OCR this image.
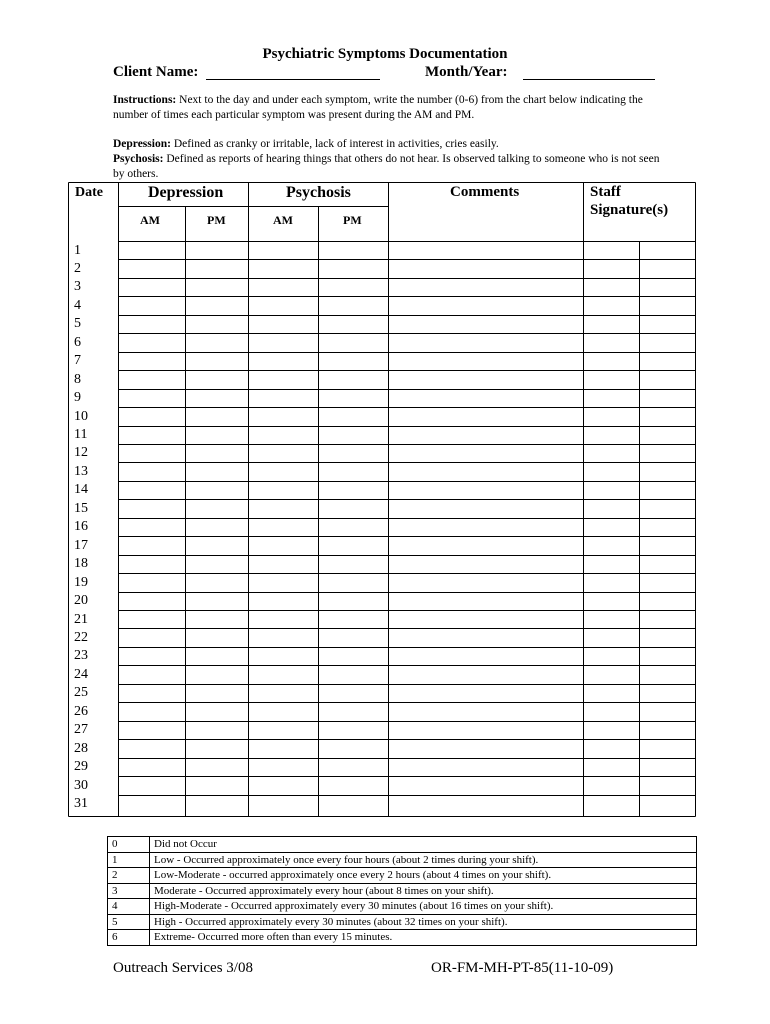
Psychiatric Symptoms Documentation
Client Name:	Month/Year:
Instructions: Next to the day and under each symptom, write the number (0-6) from the chart below indicating the number of times each particular symptom was present during the AM and PM.
Depression: Defined as cranky or irritable, lack of interest in activities, cries easily.
Psychosis: Defined as reports of hearing things that others do not hear. Is observed talking to someone who is not seen by others.
Date	Depression	Psychosis	Comments	Staff
Signature(s)
AM	PM	AM	PM
1
2
3
4
5
6
7
8
9
10
11
12
13
14
15
16
17
18
19
20
21
22
23
24
25
26
27
28
29
30
31
0	Did not Occur
1	Low - Occurred approximately once every four hours (about 2 times during your shift).
2	Low-Moderate - occurred approximately once every 2 hours (about 4 times on your shift).
3	Moderate - Occurred approximately every hour (about 8 times on your shift).
4	High-Moderate - Occurred approximately every 30 minutes (about 16 times on your shift).
5	High - Occurred approximately every 30 minutes (about 32 times on your shift).
6	Extreme- Occurred more often than every 15 minutes.
Outreach Services 3/08	OR-FM-MH-PT-85(11-10-09)
